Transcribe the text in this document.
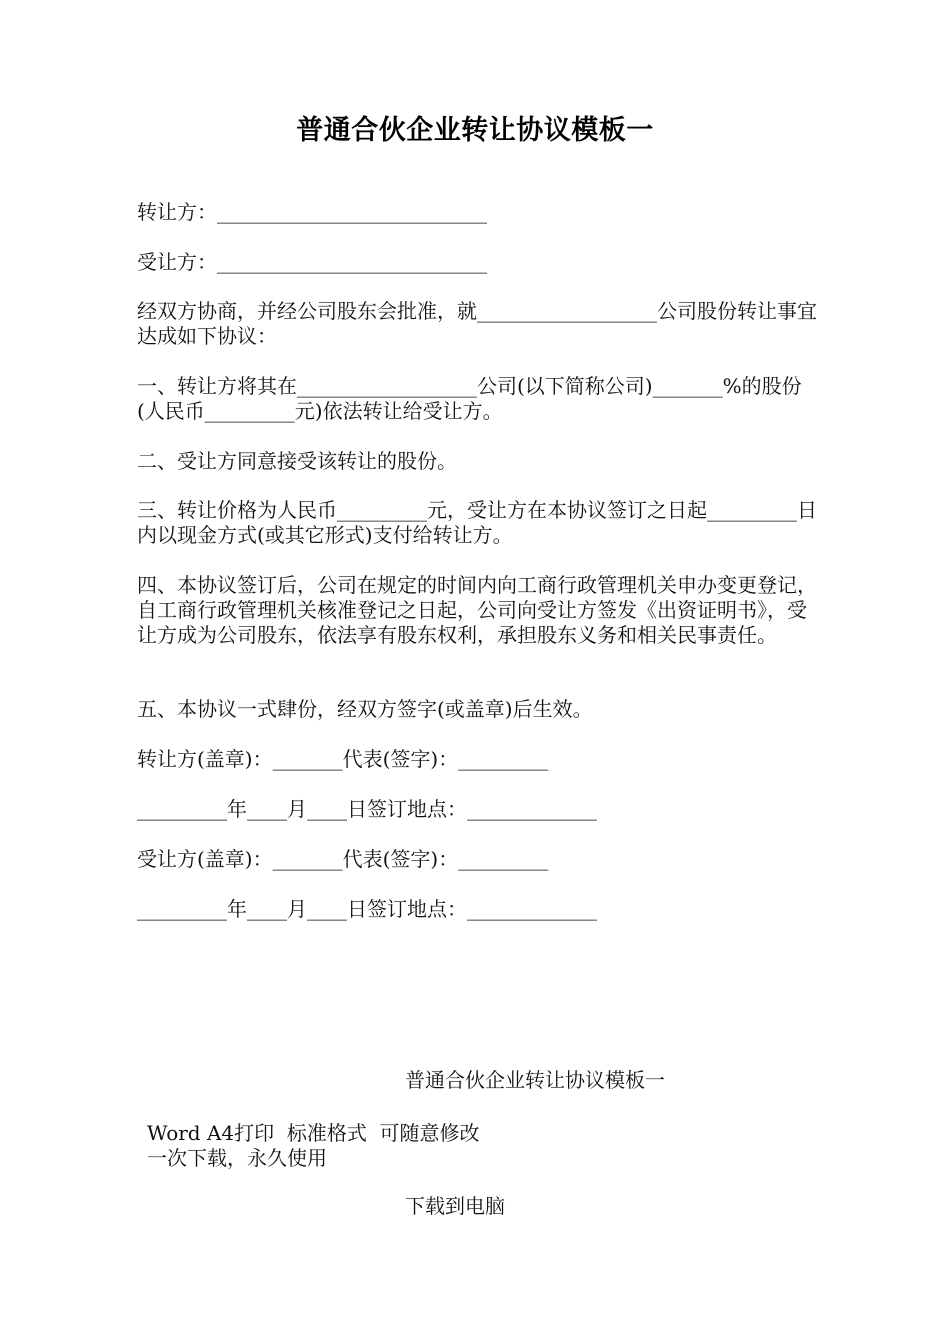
普通合伙企业转让协议模板一
转让方：___________________________
受让方：___________________________
经双方协商，并经公司股东会批准，就__________________公司股份转让事宜达成如下协议：
一、转让方将其在__________________公司(以下简称公司)_______%的股份(人民币_________元)依法转让给受让方。
二、受让方同意接受该转让的股份。
三、转让价格为人民币_________元，受让方在本协议签订之日起_________日内以现金方式(或其它形式)支付给转让方。
四、本协议签订后，公司在规定的时间内向工商行政管理机关申办变更登记，自工商行政管理机关核准登记之日起，公司向受让方签发《出资证明书》，受让方成为公司股东，依法享有股东权利，承担股东义务和相关民事责任。
五、本协议一式肆份，经双方签字(或盖章)后生效。
转让方(盖章)：_______代表(签字)：_________
_________年____月____日签订地点：_____________
受让方(盖章)：_______代表(签字)：_________
_________年____月____日签订地点：_____________
普通合伙企业转让协议模板一
Word A4打印  标准格式  可随意修改
一次下载，永久使用
下载到电脑
